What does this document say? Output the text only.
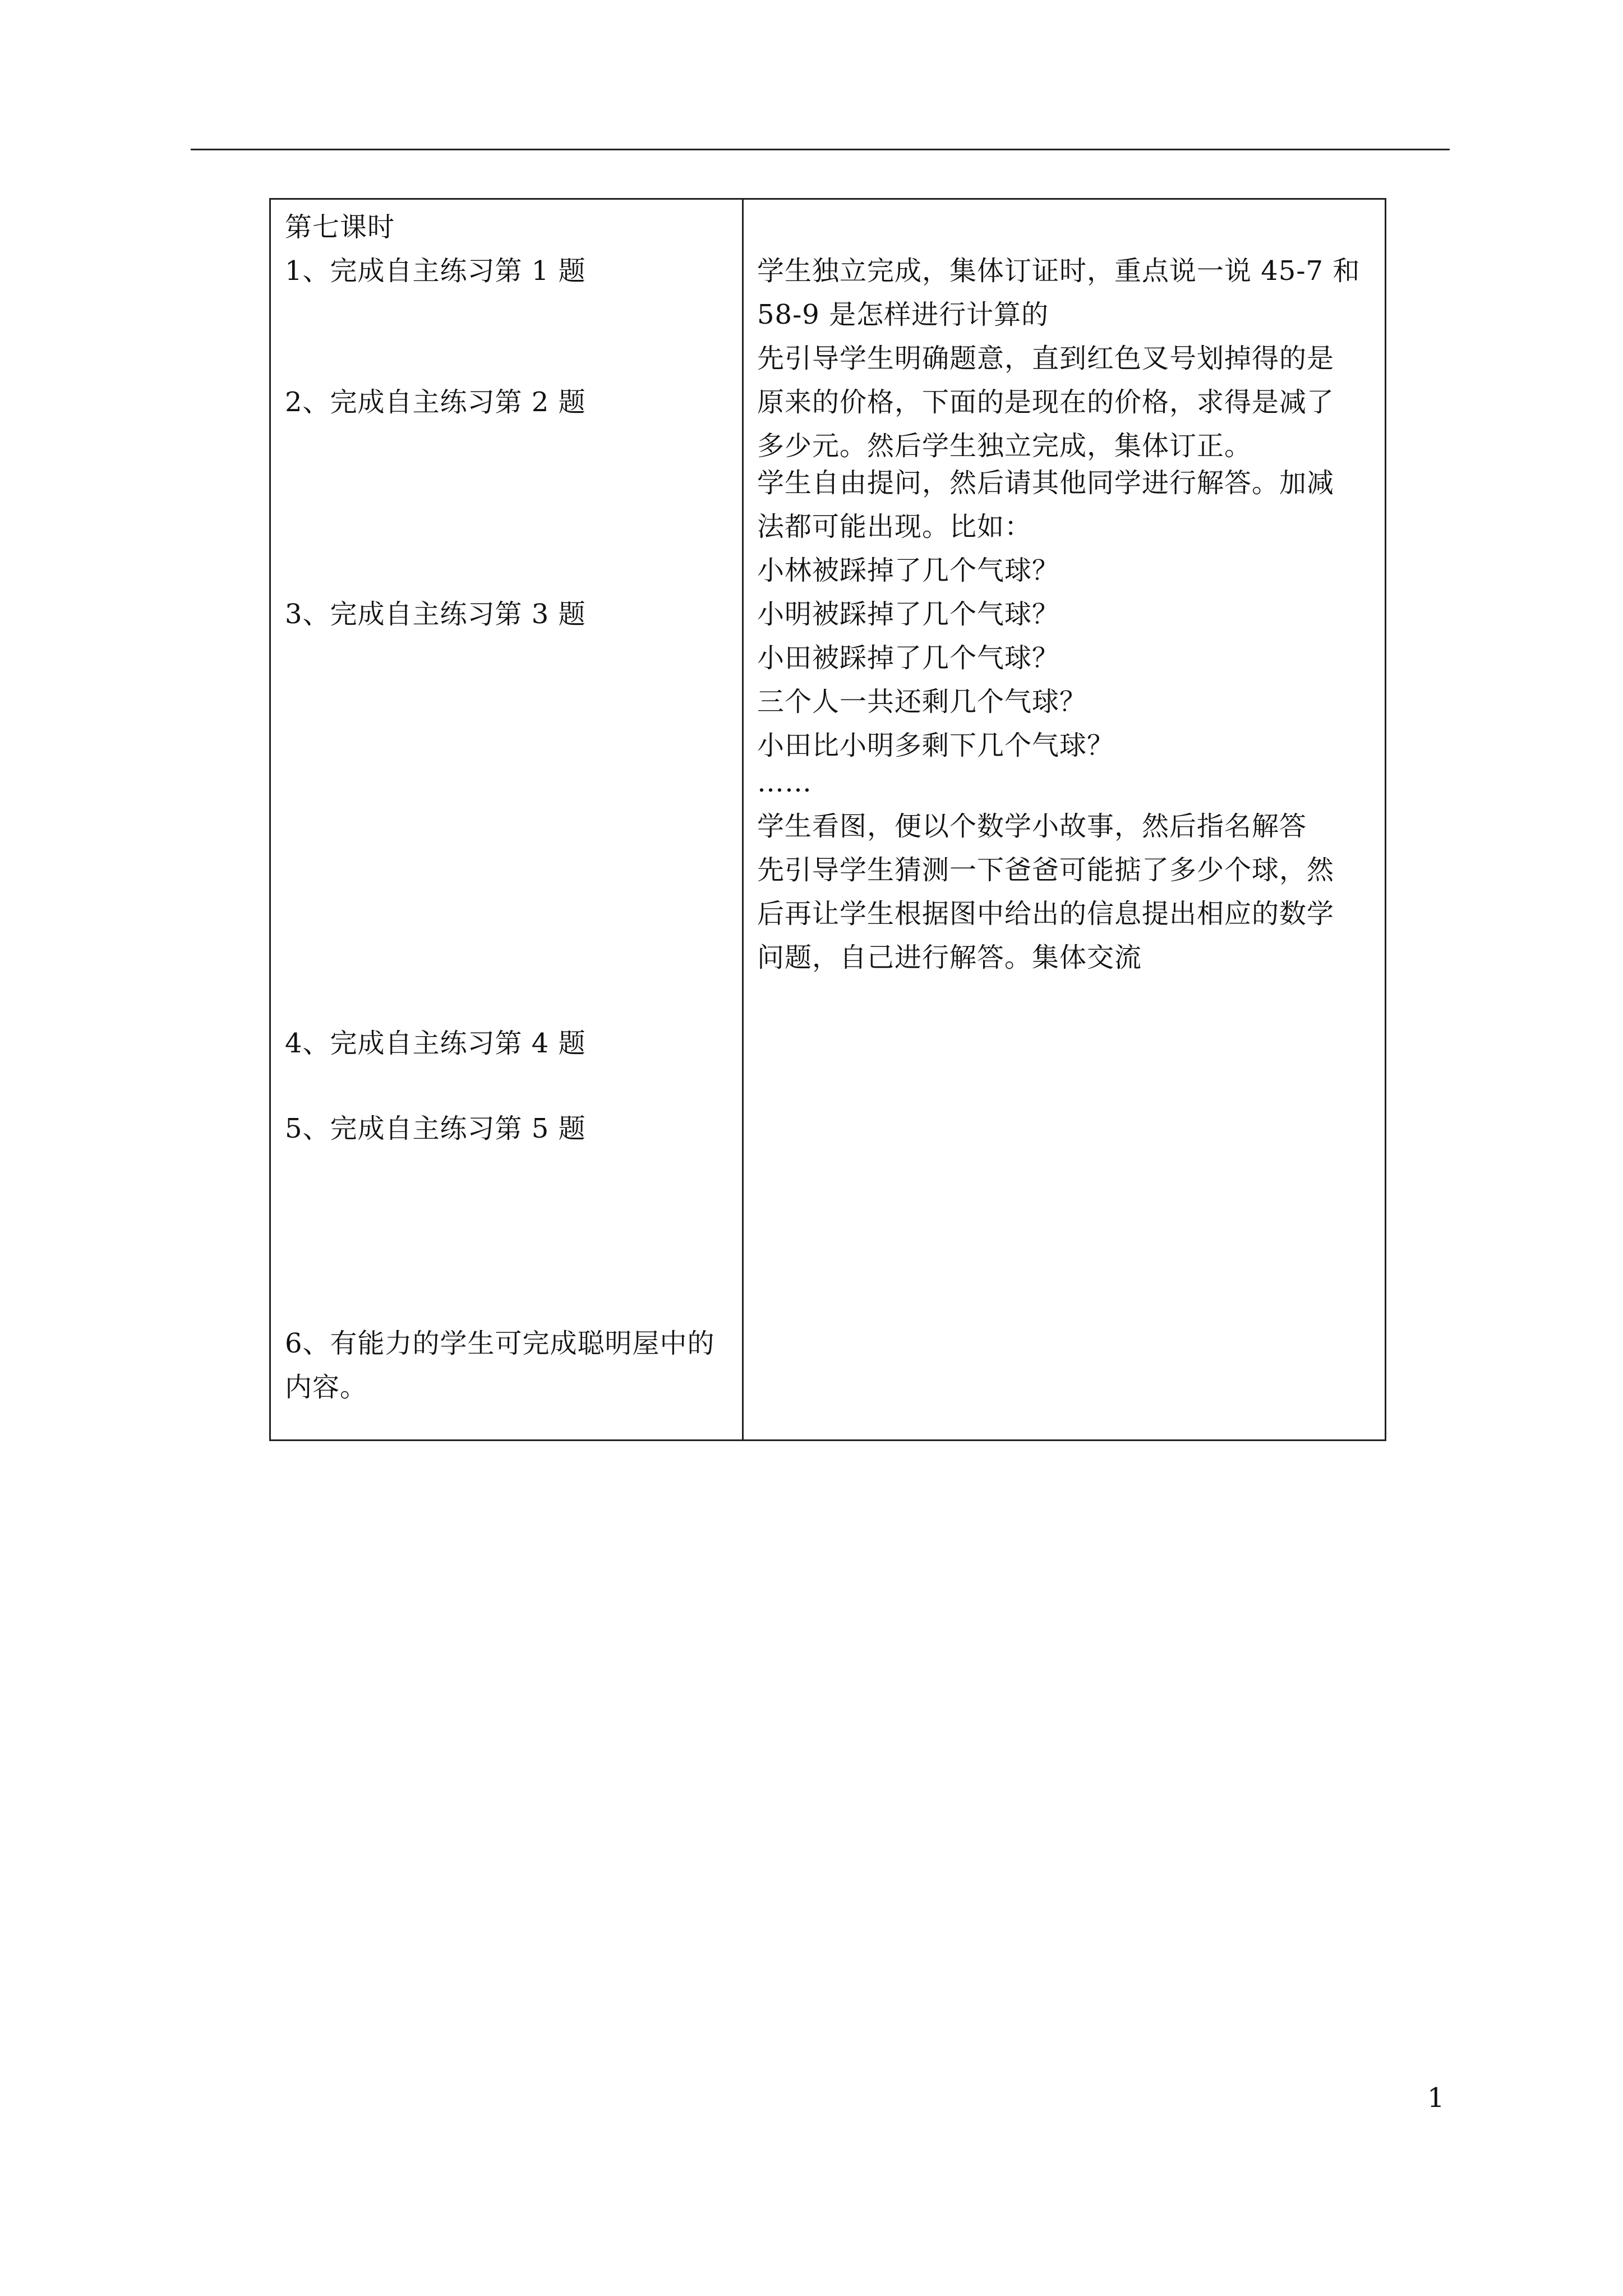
第七课时
1、完成自主练习第 1 题
2、完成自主练习第 2 题
3、完成自主练习第 3 题
4、完成自主练习第 4 题
5、完成自主练习第 5 题
6、有能力的学生可完成聪明屋中的
内容。
学生独立完成，集体订证时，重点说一说 45-7 和
58-9 是怎样进行计算的
先引导学生明确题意，直到红色叉号划掉得的是
原来的价格，下面的是现在的价格，求得是减了
多少元。然后学生独立完成，集体订正。
学生自由提问，然后请其他同学进行解答。加减
法都可能出现。比如：
小林被踩掉了几个气球？
小明被踩掉了几个气球？
小田被踩掉了几个气球？
三个人一共还剩几个气球？
小田比小明多剩下几个气球？
……
学生看图，便以个数学小故事，然后指名解答
先引导学生猜测一下爸爸可能掂了多少个球，然
后再让学生根据图中给出的信息提出相应的数学
问题，自己进行解答。集体交流
1
